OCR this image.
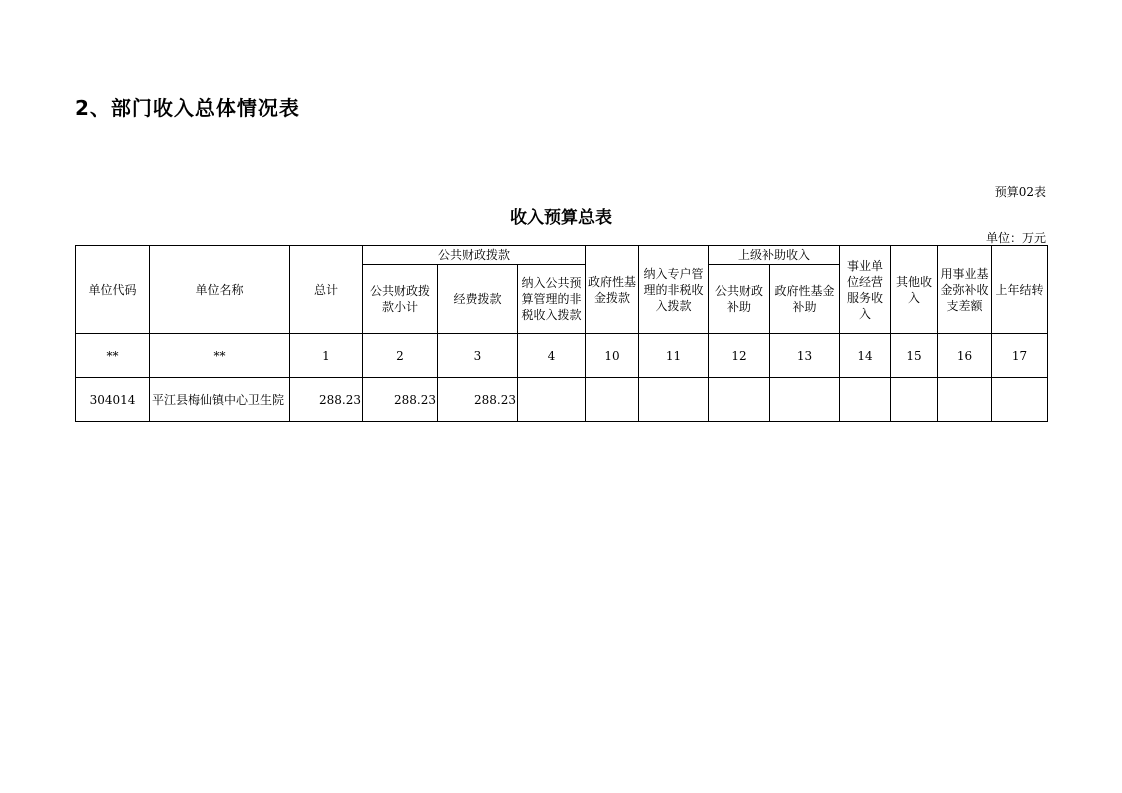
2、部门收入总体情况表
预算02表
收入预算总表
单位：万元
单位代码	单位名称	总计	公共财政拨款			政府性基金拨款	纳入专户管理的非税收入拨款	上级补助收入		事业单位经营服务收入	其他收入	用事业基金弥补收支差额	上年结转
			公共财政拨款小计	经费拨款	纳入公共预算管理的非税收入拨款			公共财政补助	政府性基金补助				
**	**	1	2	3	4	10	11	12	13	14	15	16	17
304014	平江县梅仙镇中心卫生院	288.23	288.23	288.23									
